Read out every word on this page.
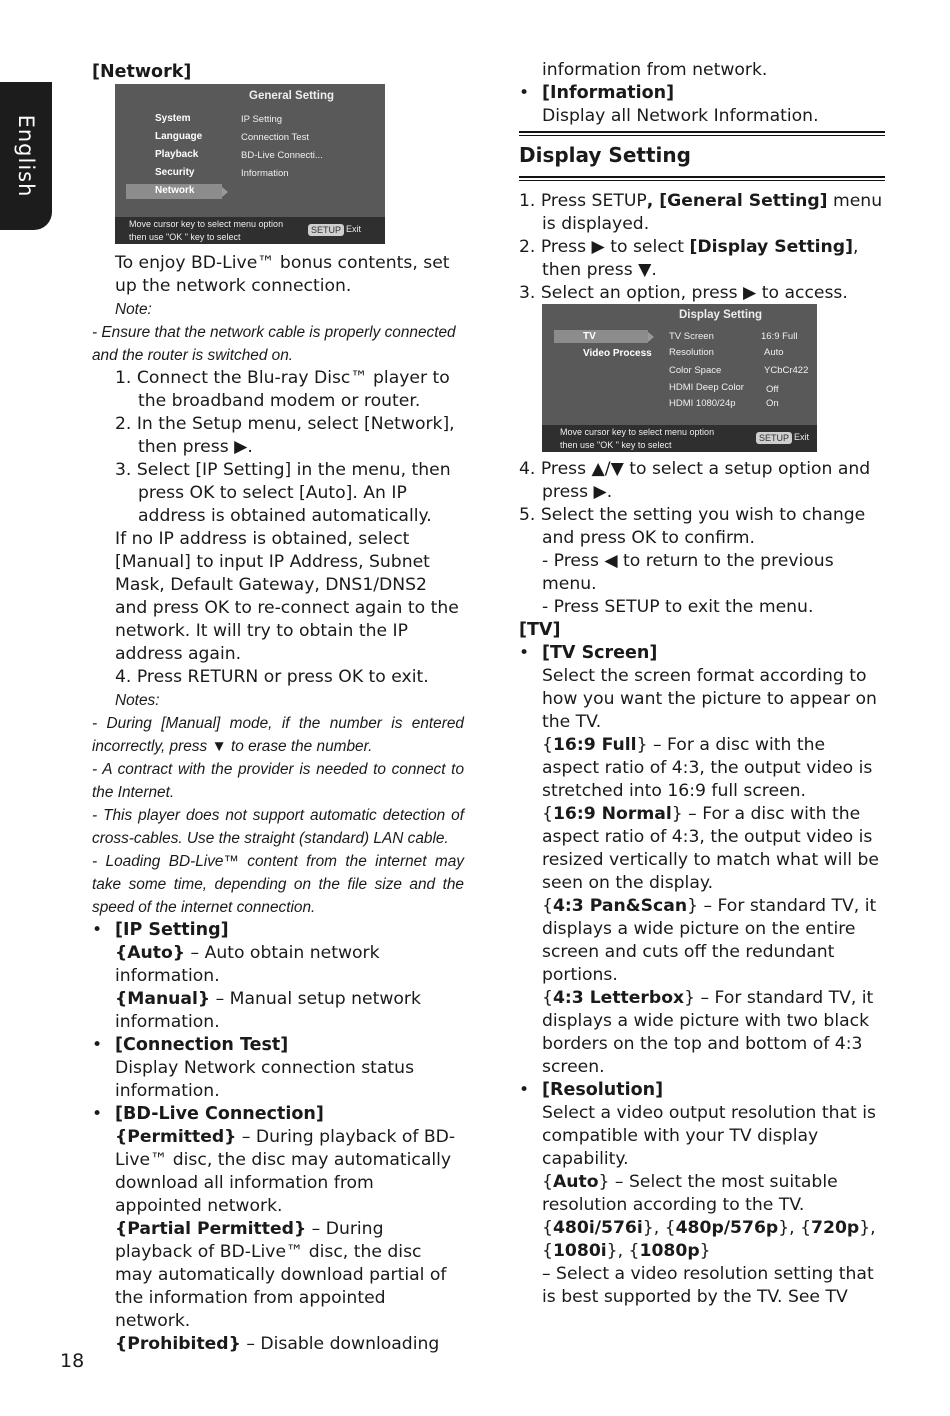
English

[Network]

General Setting
System
Language
Playback
Security
Network
IP Setting
Connection Test
BD-Live Connecti...
Information
Move cursor key to select menu option
then use "OK " key to select
SETUP Exit

To enjoy BD-Live™ bonus contents, set up the network connection.

Note:

- Ensure that the network cable is properly connected and the router is switched on.

1. Connect the Blu-ray Disc™ player to the broadband modem or router.

2. In the Setup menu, select [Network], then press ▶.

3. Select [IP Setting] in the menu, then press OK to select [Auto]. An IP address is obtained automatically.

If no IP address is obtained, select [Manual] to input IP Address, Subnet Mask, Default Gateway, DNS1/DNS2 and press OK to re-connect again to the network. It will try to obtain the IP address again.

4. Press RETURN or press OK to exit.

Notes:

- During [Manual] mode, if the number is entered incorrectly, press ▼ to erase the number.

- A contract with the provider is needed to connect to the Internet.

- This player does not support automatic detection of cross-cables. Use the straight (standard) LAN cable.

- Loading BD-Live™ content from the internet may take some time, depending on the file size and the speed of the internet connection.

• [IP Setting]

{Auto} – Auto obtain network information.

{Manual} – Manual setup network information.

• [Connection Test]

Display Network connection status information.

• [BD-Live Connection]

{Permitted} – During playback of BD-Live™ disc, the disc may automatically download all information from appointed network.

{Partial Permitted} – During playback of BD-Live™ disc, the disc may automatically download partial of the information from appointed network.

{Prohibited} – Disable downloading

information from network.

• [Information]

Display all Network Information.

Display Setting

1. Press SETUP, [General Setting] menu is displayed.

2. Press ▶ to select [Display Setting], then press ▼.

3. Select an option, press ▶ to access.

Display Setting
TV
Video Process
TV Screen	16:9 Full
Resolution	Auto
Color Space	YCbCr422
HDMI Deep Color Off
HDMI 1080/24p	On
Move cursor key to select menu option
then use "OK " key to select
SETUP Exit

4. Press ▲/▼ to select a setup option and press ▶.

5. Select the setting you wish to change and press OK to confirm.

- Press ◀ to return to the previous menu.

- Press SETUP to exit the menu.

[TV]

• [TV Screen]

Select the screen format according to how you want the picture to appear on the TV.

{16:9 Full} – For a disc with the aspect ratio of 4:3, the output video is stretched into 16:9 full screen.

{16:9 Normal} – For a disc with the aspect ratio of 4:3, the output video is resized vertically to match what will be seen on the display.

{4:3 Pan&Scan} – For standard TV, it displays a wide picture on the entire screen and cuts off the redundant portions.

{4:3 Letterbox} – For standard TV, it displays a wide picture with two black borders on the top and bottom of 4:3 screen.

• [Resolution]

Select a video output resolution that is compatible with your TV display capability.

{Auto} – Select the most suitable resolution according to the TV.

{480i/576i}, {480p/576p}, {720p}, {1080i}, {1080p}

– Select a video resolution setting that is best supported by the TV. See TV

18
